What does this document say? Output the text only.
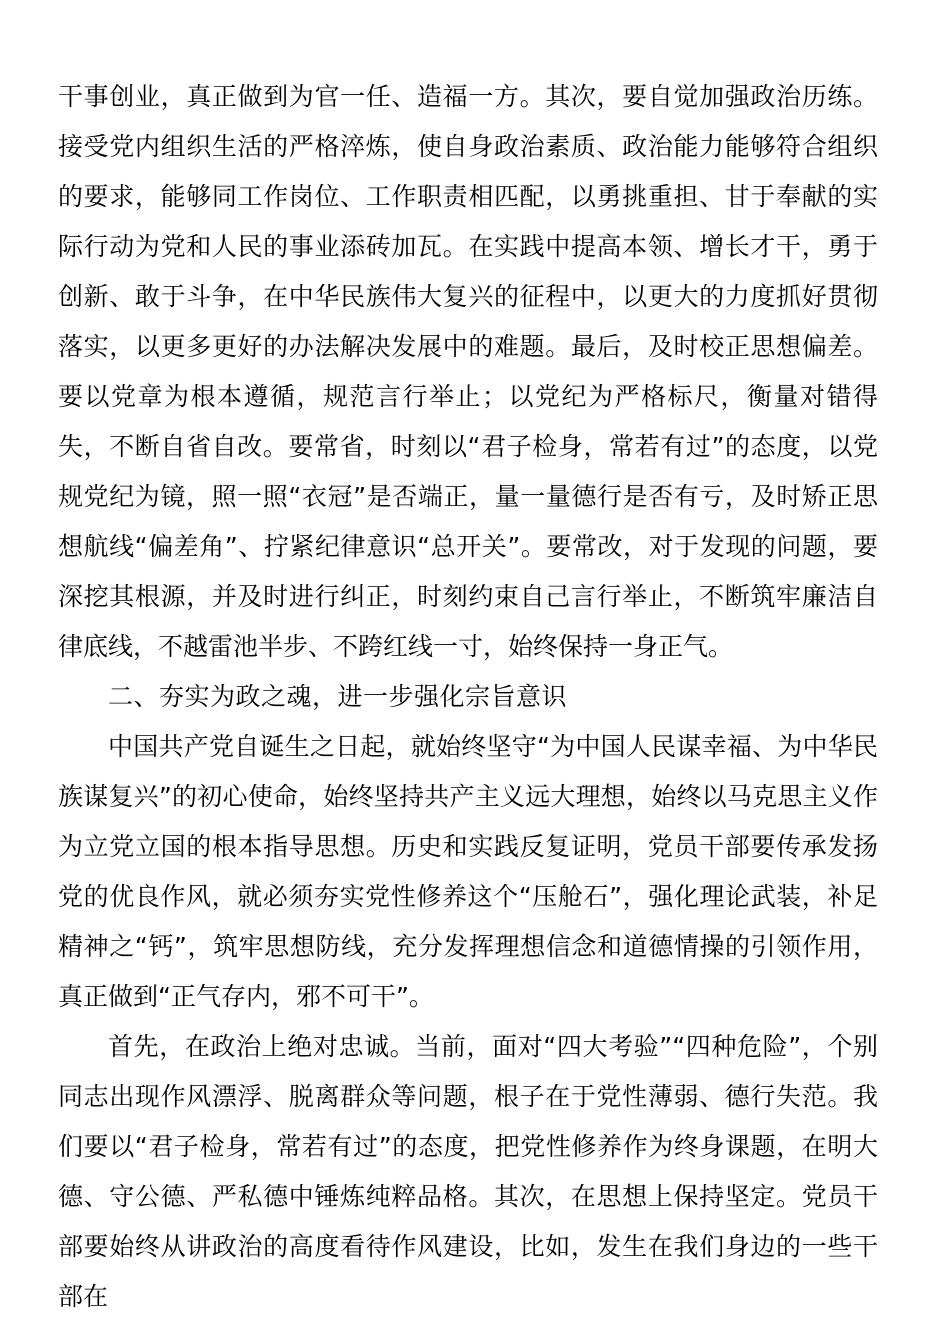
干事创业，真正做到为官一任、造福一方。其次，要自觉加强政治历练。接受党内组织生活的严格淬炼，使自身政治素质、政治能力能够符合组织的要求，能够同工作岗位、工作职责相匹配，以勇挑重担、甘于奉献的实际行动为党和人民的事业添砖加瓦。在实践中提高本领、增长才干，勇于创新、敢于斗争，在中华民族伟大复兴的征程中，以更大的力度抓好贯彻落实，以更多更好的办法解决发展中的难题。最后，及时校正思想偏差。要以党章为根本遵循，规范言行举止；以党纪为严格标尺，衡量对错得失，不断自省自改。要常省，时刻以“君子检身，常若有过”的态度，以党规党纪为镜，照一照“衣冠”是否端正，量一量德行是否有亏，及时矫正思想航线“偏差角”、拧紧纪律意识“总开关”。要常改，对于发现的问题，要深挖其根源，并及时进行纠正，时刻约束自己言行举止，不断筑牢廉洁自律底线，不越雷池半步、不跨红线一寸，始终保持一身正气。

二、夯实为政之魂，进一步强化宗旨意识

中国共产党自诞生之日起，就始终坚守“为中国人民谋幸福、为中华民族谋复兴”的初心使命，始终坚持共产主义远大理想，始终以马克思主义作为立党立国的根本指导思想。历史和实践反复证明，党员干部要传承发扬党的优良作风，就必须夯实党性修养这个“压舱石”，强化理论武装，补足精神之“钙”，筑牢思想防线，充分发挥理想信念和道德情操的引领作用，真正做到“正气存内，邪不可干”。

首先，在政治上绝对忠诚。当前，面对“四大考验”“四种危险”，个别同志出现作风漂浮、脱离群众等问题，根子在于党性薄弱、德行失范。我们要以“君子检身，常若有过”的态度，把党性修养作为终身课题，在明大德、守公德、严私德中锤炼纯粹品格。其次，在思想上保持坚定。党员干部要始终从讲政治的高度看待作风建设，比如，发生在我们身边的一些干部在
